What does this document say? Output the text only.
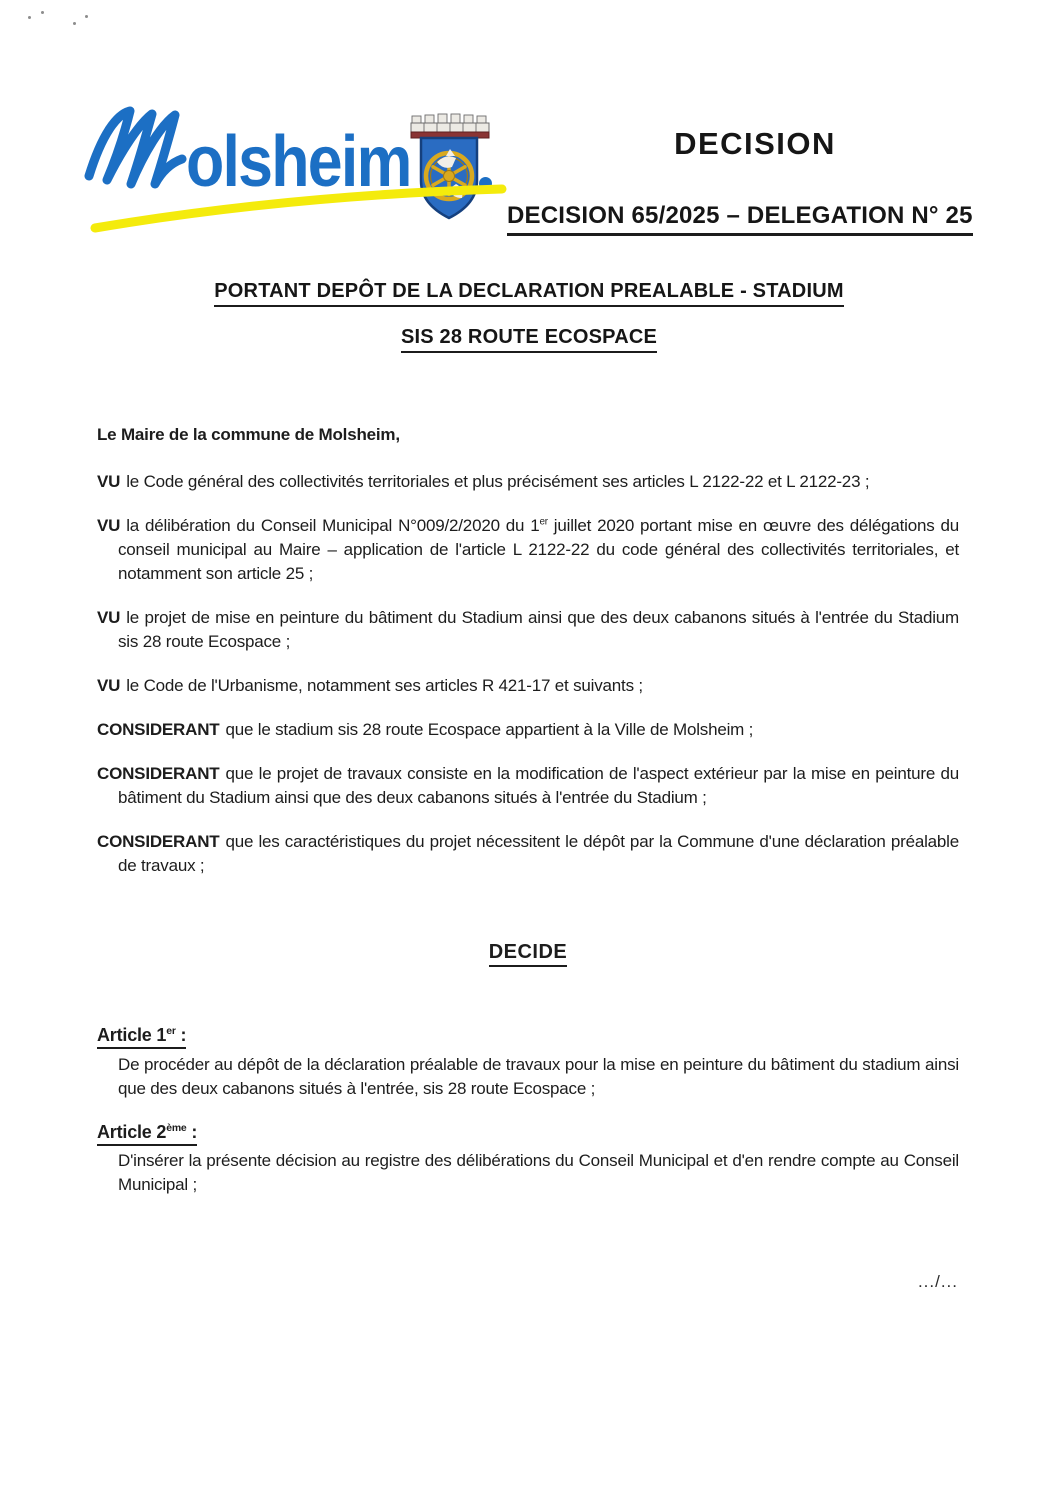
olsheim	DECISION
DECISION 65/2025 – DELEGATION N° 25
PORTANT DEPÔT DE LA DECLARATION PREALABLE - STADIUM
SIS 28 ROUTE ECOSPACE

Le Maire de la commune de Molsheim,

VU le Code général des collectivités territoriales et plus précisément ses articles L 2122-22 et L 2122-23 ;

VU la délibération du Conseil Municipal N°009/2/2020 du 1er juillet 2020 portant mise en œuvre des délégations du conseil municipal au Maire – application de l'article L 2122-22 du code général des collectivités territoriales, et notamment son article 25 ;

VU le projet de mise en peinture du bâtiment du Stadium ainsi que des deux cabanons situés à l'entrée du Stadium sis 28 route Ecospace ;

VU le Code de l'Urbanisme, notamment ses articles R 421-17 et suivants ;

CONSIDERANT que le stadium sis 28 route Ecospace appartient à la Ville de Molsheim ;

CONSIDERANT que le projet de travaux consiste en la modification de l'aspect extérieur par la mise en peinture du bâtiment du Stadium ainsi que des deux cabanons situés à l'entrée du Stadium ;

CONSIDERANT que les caractéristiques du projet nécessitent le dépôt par la Commune d'une déclaration préalable de travaux ;

DECIDE

Article 1er :

De procéder au dépôt de la déclaration préalable de travaux pour la mise en peinture du bâtiment du stadium ainsi que des deux cabanons situés à l'entrée, sis 28 route Ecospace ;

Article 2ème :

D'insérer la présente décision au registre des délibérations du Conseil Municipal et d'en rendre compte au Conseil Municipal ;

.../...
